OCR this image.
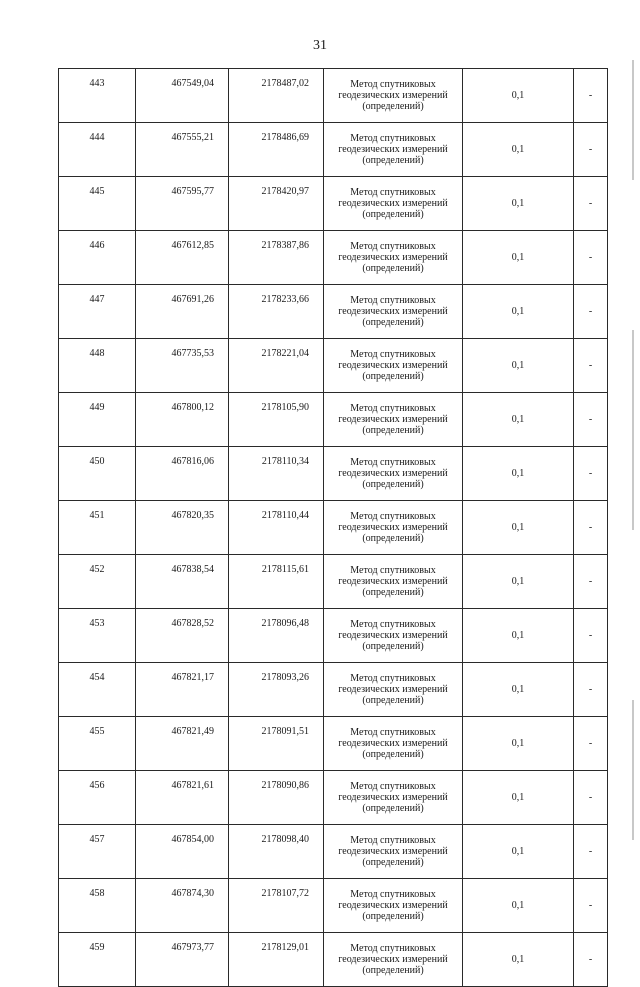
31
443	467549,04	2178487,02	Метод спутниковых геодезических измерений (определений)	0,1	-
444	467555,21	2178486,69	Метод спутниковых геодезических измерений (определений)	0,1	-
445	467595,77	2178420,97	Метод спутниковых геодезических измерений (определений)	0,1	-
446	467612,85	2178387,86	Метод спутниковых геодезических измерений (определений)	0,1	-
447	467691,26	2178233,66	Метод спутниковых геодезических измерений (определений)	0,1	-
448	467735,53	2178221,04	Метод спутниковых геодезических измерений (определений)	0,1	-
449	467800,12	2178105,90	Метод спутниковых геодезических измерений (определений)	0,1	-
450	467816,06	2178110,34	Метод спутниковых геодезических измерений (определений)	0,1	-
451	467820,35	2178110,44	Метод спутниковых геодезических измерений (определений)	0,1	-
452	467838,54	2178115,61	Метод спутниковых геодезических измерений (определений)	0,1	-
453	467828,52	2178096,48	Метод спутниковых геодезических измерений (определений)	0,1	-
454	467821,17	2178093,26	Метод спутниковых геодезических измерений (определений)	0,1	-
455	467821,49	2178091,51	Метод спутниковых геодезических измерений (определений)	0,1	-
456	467821,61	2178090,86	Метод спутниковых геодезических измерений (определений)	0,1	-
457	467854,00	2178098,40	Метод спутниковых геодезических измерений (определений)	0,1	-
458	467874,30	2178107,72	Метод спутниковых геодезических измерений (определений)	0,1	-
459	467973,77	2178129,01	Метод спутниковых геодезических измерений (определений)	0,1	-
